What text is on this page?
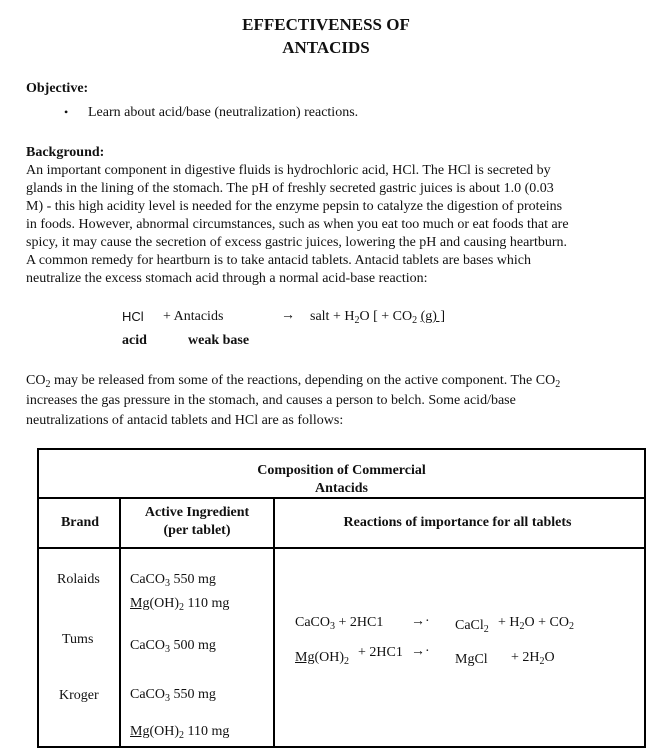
EFFECTIVENESS OF
ANTACIDS
Objective:
• Learn about acid/base (neutralization) reactions.
Background:
An important component in digestive fluids is hydrochloric acid, HCl. The HCl is secreted by
glands in the lining of the stomach. The pH of freshly secreted gastric juices is about 1.0 (0.03
M) - this high acidity level is needed for the enzyme pepsin to catalyze the digestion of proteins
in foods. However, abnormal circumstances, such as when you eat too much or eat foods that are
spicy, it may cause the secretion of excess gastric juices, lowering the pH and causing heartburn.
A common remedy for heartburn is to take antacid tablets. Antacid tablets are bases which
neutralize the excess stomach acid through a normal acid-base reaction:
HCl + Antacids	→ salt + $H_2O$ [ + $CO_2$ (g) ]
acid	weak base
$CO_2$ may be released from some of the reactions, depending on the active component. The $CO_2$
increases the gas pressure in the stomach, and causes a person to belch. Some acid/base
neutralizations of antacid tablets and HCl are as follows:
Composition of Commercial
Antacids
Brand
Active Ingredient
(per tablet)
Reactions of importance for all tablets
Rolaids
Tums
Kroger
CaCO$_3$ 550 mg
$Mg(OH)_2$ 110 mg
CaCO$_3$ 500 mg
CaCO$_3$ 550 mg
$Mg(OH)_2$ 110 mg
CaCO$_3$ + 2HC1 →· CaCl$_2$ + $H_2O + CO_2$
$Mg(OH)_2$
+ 2HC1 →·
MgCl + $2H_2O$
